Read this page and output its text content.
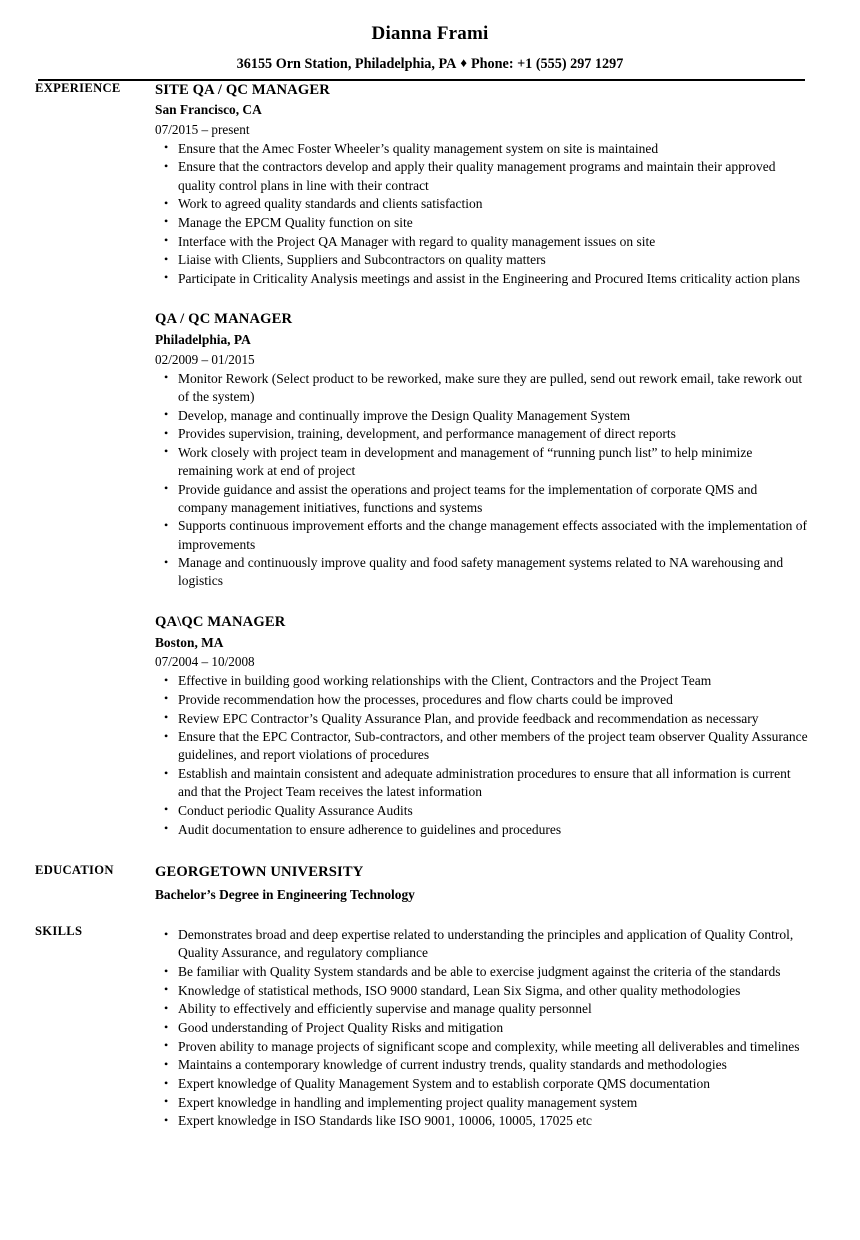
Dianna Frami
36155 Orn Station, Philadelphia, PA ♦ Phone: +1 (555) 297 1297
EXPERIENCE	SITE QA / QC MANAGER
San Francisco, CA
07/2015 – present
• Ensure that the Amec Foster Wheeler’s quality management system on site is maintained
• Ensure that the contractors develop and apply their quality management programs and maintain their approved quality control plans in line with their contract
• Work to agreed quality standards and clients satisfaction
• Manage the EPCM Quality function on site
• Interface with the Project QA Manager with regard to quality management issues on site
• Liaise with Clients, Suppliers and Subcontractors on quality matters
• Participate in Criticality Analysis meetings and assist in the Engineering and Procured Items criticality action plans
QA / QC MANAGER
Philadelphia, PA
02/2009 – 01/2015
• Monitor Rework (Select product to be reworked, make sure they are pulled, send out rework email, take rework out of the system)
• Develop, manage and continually improve the Design Quality Management System
• Provides supervision, training, development, and performance management of direct reports
• Work closely with project team in development and management of “running punch list” to help minimize remaining work at end of project
• Provide guidance and assist the operations and project teams for the implementation of corporate QMS and company management initiatives, functions and systems
• Supports continuous improvement efforts and the change management effects associated with the implementation of improvements
• Manage and continuously improve quality and food safety management systems related to NA warehousing and logistics
QA\QC MANAGER
Boston, MA
07/2004 – 10/2008
• Effective in building good working relationships with the Client, Contractors and the Project Team
• Provide recommendation how the processes, procedures and flow charts could be improved
• Review EPC Contractor’s Quality Assurance Plan, and provide feedback and recommendation as necessary
• Ensure that the EPC Contractor, Sub-contractors, and other members of the project team observer Quality Assurance guidelines, and report violations of procedures
• Establish and maintain consistent and adequate administration procedures to ensure that all information is current and that the Project Team receives the latest information
• Conduct periodic Quality Assurance Audits
• Audit documentation to ensure adherence to guidelines and procedures
EDUCATION	GEORGETOWN UNIVERSITY
Bachelor’s Degree in Engineering Technology
SKILLS	• Demonstrates broad and deep expertise related to understanding the principles and application of Quality Control, Quality Assurance, and regulatory compliance
• Be familiar with Quality System standards and be able to exercise judgment against the criteria of the standards
• Knowledge of statistical methods, ISO 9000 standard, Lean Six Sigma, and other quality methodologies
• Ability to effectively and efficiently supervise and manage quality personnel
• Good understanding of Project Quality Risks and mitigation
• Proven ability to manage projects of significant scope and complexity, while meeting all deliverables and timelines
• Maintains a contemporary knowledge of current industry trends, quality standards and methodologies
• Expert knowledge of Quality Management System and to establish corporate QMS documentation
• Expert knowledge in handling and implementing project quality management system
• Expert knowledge in ISO Standards like ISO 9001, 10006, 10005, 17025 etc
